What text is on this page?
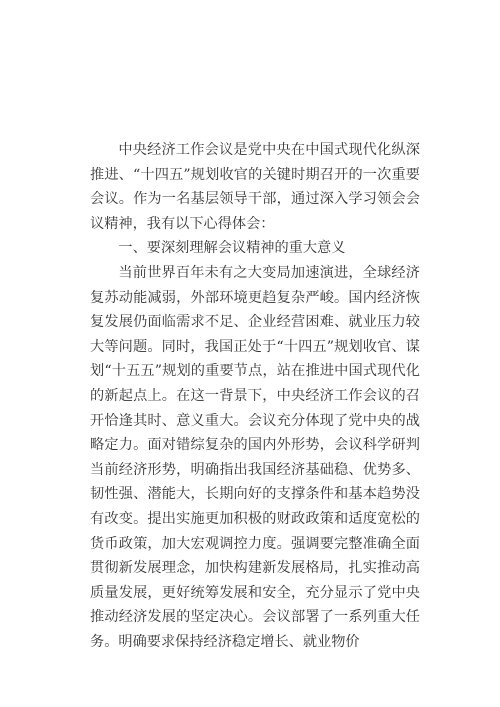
中央经济工作会议是党中央在中国式现代化纵深推进、“十四五”规划收官的关键时期召开的一次重要会议。作为一名基层领导干部，通过深入学习领会会议精神，我有以下心得体会：

一、要深刻理解会议精神的重大意义

当前世界百年未有之大变局加速演进，全球经济复苏动能减弱，外部环境更趋复杂严峻。国内经济恢复发展仍面临需求不足、企业经营困难、就业压力较大等问题。同时，我国正处于“十四五”规划收官、谋划“十五五”规划的重要节点，站在推进中国式现代化的新起点上。在这一背景下，中央经济工作会议的召开恰逢其时、意义重大。会议充分体现了党中央的战略定力。面对错综复杂的国内外形势，会议科学研判当前经济形势，明确指出我国经济基础稳、优势多、韧性强、潜能大，长期向好的支撑条件和基本趋势没有改变。提出实施更加积极的财政政策和适度宽松的货币政策，加大宏观调控力度。强调要完整准确全面贯彻新发展理念，加快构建新发展格局，扎实推动高质量发展，更好统筹发展和安全，充分显示了党中央推动经济发展的坚定决心。会议部署了一系列重大任务。明确要求保持经济稳定增长、就业物价
